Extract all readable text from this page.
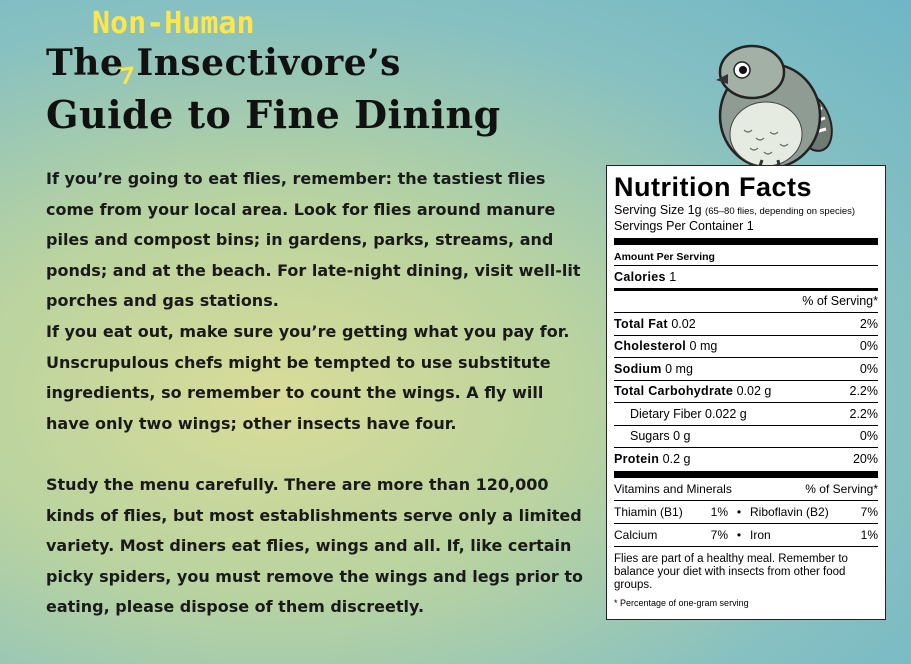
Non-Human
The Insectivore’s
Guide to Fine Dining

If you’re going to eat flies, remember: the tastiest flies come from your local area. Look for flies around manure piles and compost bins; in gardens, parks, streams, and ponds; and at the beach. For late-night dining, visit well-lit porches and gas stations.

If you eat out, make sure you’re getting what you pay for. Unscrupulous chefs might be tempted to use substitute ingredients, so remember to count the wings. A fly will have only two wings; other insects have four.

Study the menu carefully. There are more than 120,000 kinds of flies, but most establishments serve only a limited variety. Most diners eat flies, wings and all. If, like certain picky spiders, you must remove the wings and legs prior to eating, please dispose of them discreetly.

Nutrition Facts
Serving Size 1g (65–80 flies, depending on species)
Servings Per Container 1
Amount Per Serving
Calories 1
% of Serving*
Total Fat 0.02	2%
Cholesterol 0 mg	0%
Sodium 0 mg	0%
Total Carbohydrate 0.02 g	2.2%
Dietary Fiber 0.022 g	2.2%
Sugars 0 g	0%
Protein 0.2 g	20%
Vitamins and Minerals	% of Serving*
Thiamin (B1)	1% • Riboflavin (B2)	7%
Calcium	7% • Iron	1%
Flies are part of a healthy meal. Remember to balance your diet with insects from other food groups.
* Percentage of one-gram serving
